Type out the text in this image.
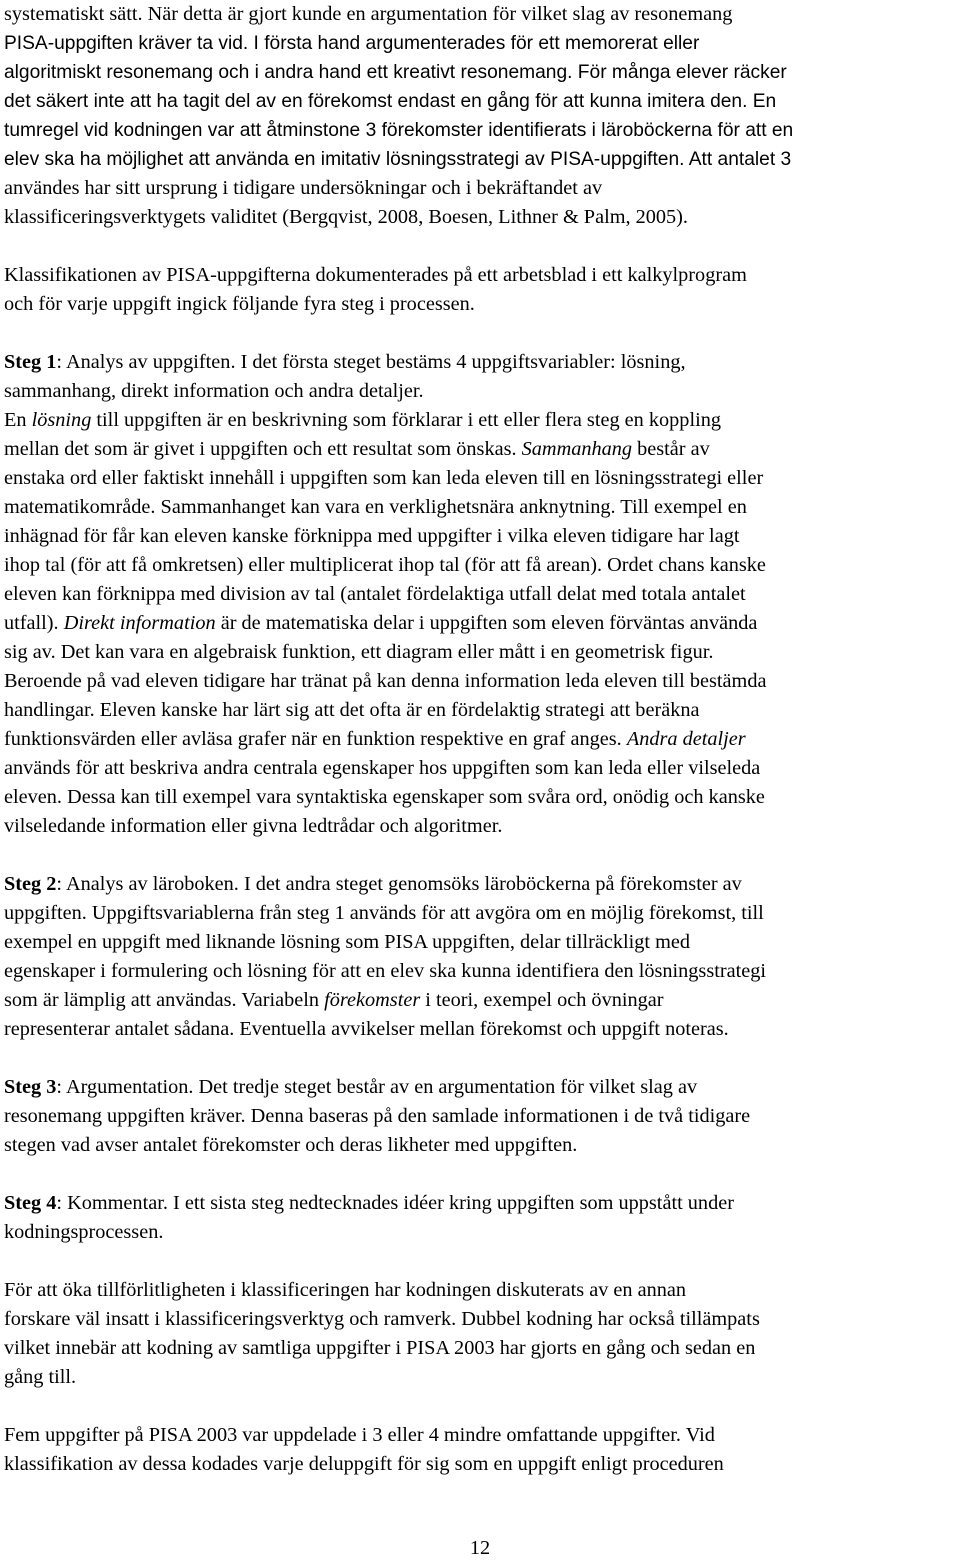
systematiskt sätt. När detta är gjort kunde en argumentation för vilket slag av resonemang
PISA-uppgiften kräver ta vid. I första hand argumenterades för ett memorerat eller
algoritmiskt resonemang och i andra hand ett kreativt resonemang. För många elever räcker
det säkert inte att ha tagit del av en förekomst endast en gång för att kunna imitera den. En
tumregel vid kodningen var att åtminstone 3 förekomster identifierats i läroböckerna för att en
elev ska ha möjlighet att använda en imitativ lösningsstrategi av PISA-uppgiften. Att antalet 3
användes har sitt ursprung i tidigare undersökningar och i bekräftandet av
klassificeringsverktygets validitet (Bergqvist, 2008, Boesen, Lithner & Palm, 2005).
Klassifikationen av PISA-uppgifterna dokumenterades på ett arbetsblad i ett kalkylprogram
och för varje uppgift ingick följande fyra steg i processen.
Steg 1: Analys av uppgiften. I det första steget bestäms 4 uppgiftsvariabler: lösning,
sammanhang, direkt information och andra detaljer.
En lösning till uppgiften är en beskrivning som förklarar i ett eller flera steg en koppling
mellan det som är givet i uppgiften och ett resultat som önskas. Sammanhang består av
enstaka ord eller faktiskt innehåll i uppgiften som kan leda eleven till en lösningsstrategi eller
matematikområde. Sammanhanget kan vara en verklighetsnära anknytning. Till exempel en
inhägnad för får kan eleven kanske förknippa med uppgifter i vilka eleven tidigare har lagt
ihop tal (för att få omkretsen) eller multiplicerat ihop tal (för att få arean). Ordet chans kanske
eleven kan förknippa med division av tal (antalet fördelaktiga utfall delat med totala antalet
utfall). Direkt information är de matematiska delar i uppgiften som eleven förväntas använda
sig av. Det kan vara en algebraisk funktion, ett diagram eller mått i en geometrisk figur.
Beroende på vad eleven tidigare har tränat på kan denna information leda eleven till bestämda
handlingar. Eleven kanske har lärt sig att det ofta är en fördelaktig strategi att beräkna
funktionsvärden eller avläsa grafer när en funktion respektive en graf anges. Andra detaljer
används för att beskriva andra centrala egenskaper hos uppgiften som kan leda eller vilseleda
eleven. Dessa kan till exempel vara syntaktiska egenskaper som svåra ord, onödig och kanske
vilseledande information eller givna ledtrådar och algoritmer.
Steg 2: Analys av läroboken. I det andra steget genomsöks läroböckerna på förekomster av
uppgiften. Uppgiftsvariablerna från steg 1 används för att avgöra om en möjlig förekomst, till
exempel en uppgift med liknande lösning som PISA uppgiften, delar tillräckligt med
egenskaper i formulering och lösning för att en elev ska kunna identifiera den lösningsstrategi
som är lämplig att användas. Variabeln förekomster i teori, exempel och övningar
representerar antalet sådana. Eventuella avvikelser mellan förekomst och uppgift noteras.
Steg 3: Argumentation. Det tredje steget består av en argumentation för vilket slag av
resonemang uppgiften kräver. Denna baseras på den samlade informationen i de två tidigare
stegen vad avser antalet förekomster och deras likheter med uppgiften.
Steg 4: Kommentar. I ett sista steg nedtecknades idéer kring uppgiften som uppstått under
kodningsprocessen.
För att öka tillförlitligheten i klassificeringen har kodningen diskuterats av en annan
forskare väl insatt i klassificeringsverktyg och ramverk. Dubbel kodning har också tillämpats
vilket innebär att kodning av samtliga uppgifter i PISA 2003 har gjorts en gång och sedan en
gång till.
Fem uppgifter på PISA 2003 var uppdelade i 3 eller 4 mindre omfattande uppgifter. Vid
klassifikation av dessa kodades varje deluppgift för sig som en uppgift enligt proceduren
12
